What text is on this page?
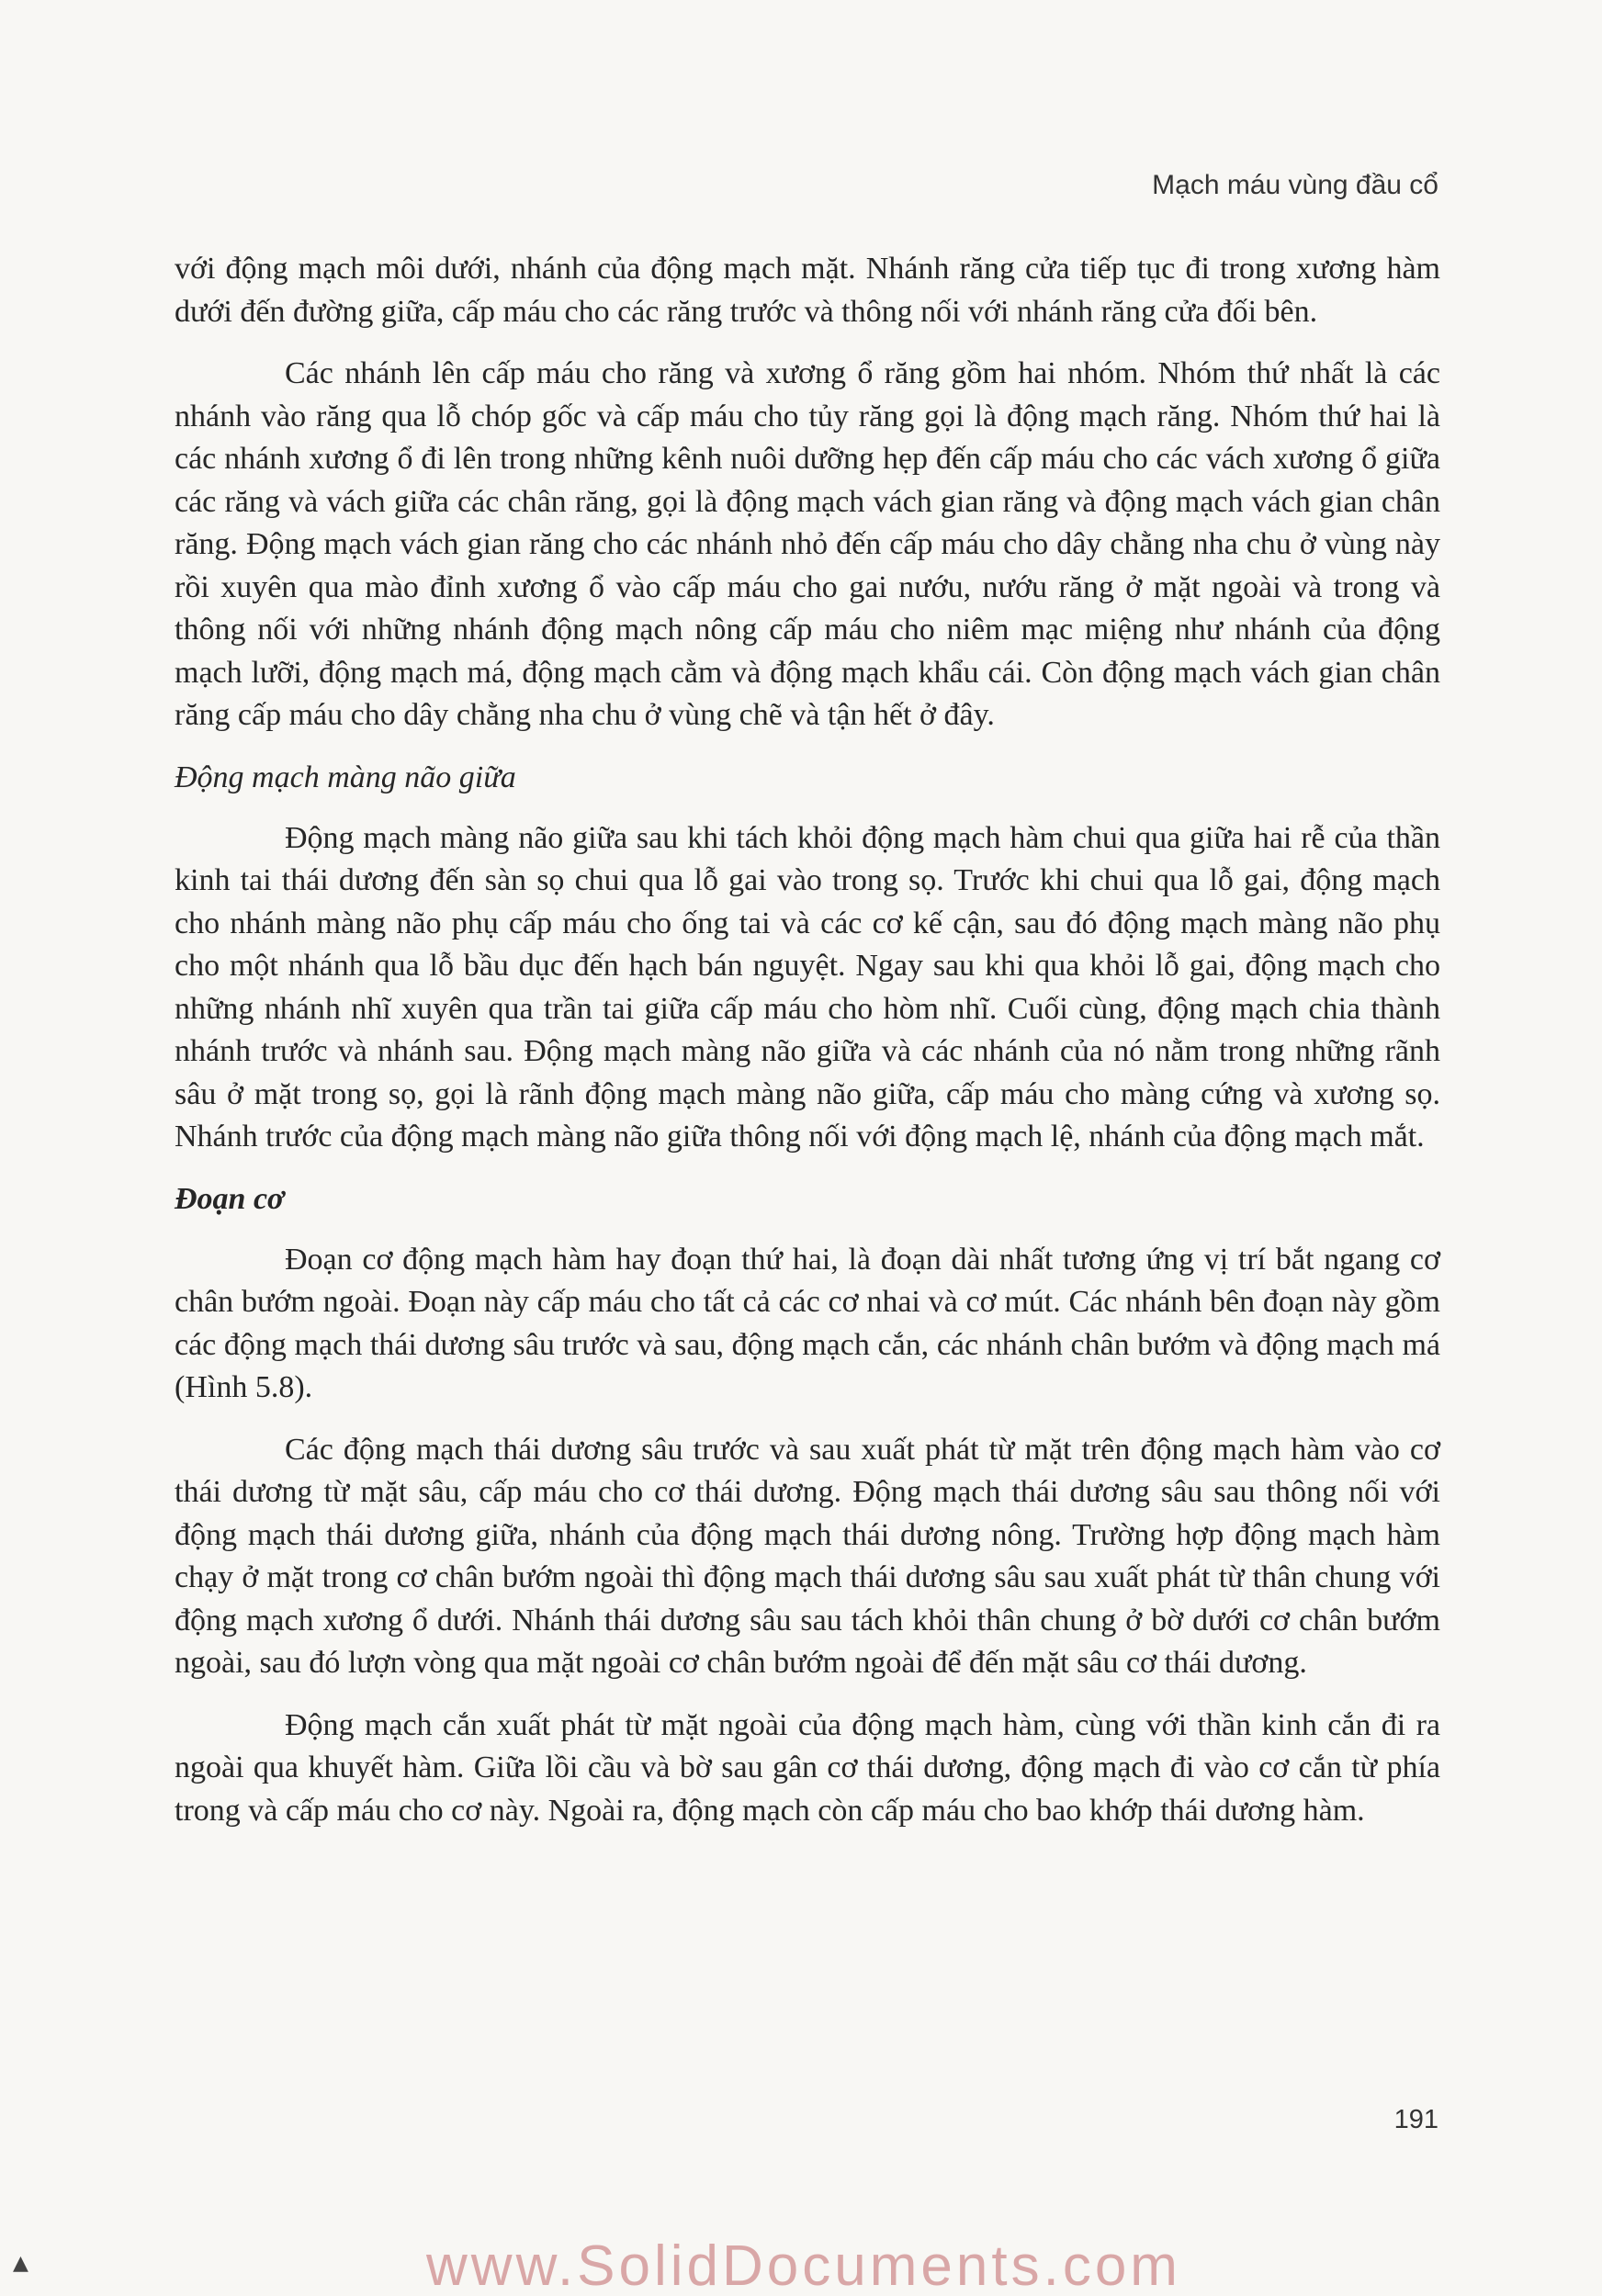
Mạch máu vùng đầu cổ

với động mạch môi dưới, nhánh của động mạch mặt. Nhánh răng cửa tiếp tục đi trong xương hàm dưới đến đường giữa, cấp máu cho các răng trước và thông nối với nhánh răng cửa đối bên.

Các nhánh lên cấp máu cho răng và xương ổ răng gồm hai nhóm. Nhóm thứ nhất là các nhánh vào răng qua lỗ chóp gốc và cấp máu cho tủy răng gọi là động mạch răng. Nhóm thứ hai là các nhánh xương ổ đi lên trong những kênh nuôi dưỡng hẹp đến cấp máu cho các vách xương ổ giữa các răng và vách giữa các chân răng, gọi là động mạch vách gian răng và động mạch vách gian chân răng. Động mạch vách gian răng cho các nhánh nhỏ đến cấp máu cho dây chằng nha chu ở vùng này rồi xuyên qua mào đỉnh xương ổ vào cấp máu cho gai nướu, nướu răng ở mặt ngoài và trong và thông nối với những nhánh động mạch nông cấp máu cho niêm mạc miệng như nhánh của động mạch lưỡi, động mạch má, động mạch cằm và động mạch khẩu cái. Còn động mạch vách gian chân răng cấp máu cho dây chằng nha chu ở vùng chẽ và tận hết ở đây.

Động mạch màng não giữa

Động mạch màng não giữa sau khi tách khỏi động mạch hàm chui qua giữa hai rễ của thần kinh tai thái dương đến sàn sọ chui qua lỗ gai vào trong sọ. Trước khi chui qua lỗ gai, động mạch cho nhánh màng não phụ cấp máu cho ống tai và các cơ kế cận, sau đó động mạch màng não phụ cho một nhánh qua lỗ bầu dục đến hạch bán nguyệt. Ngay sau khi qua khỏi lỗ gai, động mạch cho những nhánh nhĩ xuyên qua trần tai giữa cấp máu cho hòm nhĩ. Cuối cùng, động mạch chia thành nhánh trước và nhánh sau. Động mạch màng não giữa và các nhánh của nó nằm trong những rãnh sâu ở mặt trong sọ, gọi là rãnh động mạch màng não giữa, cấp máu cho màng cứng và xương sọ. Nhánh trước của động mạch màng não giữa thông nối với động mạch lệ, nhánh của động mạch mắt.

Đoạn cơ

Đoạn cơ động mạch hàm hay đoạn thứ hai, là đoạn dài nhất tương ứng vị trí bắt ngang cơ chân bướm ngoài. Đoạn này cấp máu cho tất cả các cơ nhai và cơ mút. Các nhánh bên đoạn này gồm các động mạch thái dương sâu trước và sau, động mạch cắn, các nhánh chân bướm và động mạch má (Hình 5.8).

Các động mạch thái dương sâu trước và sau xuất phát từ mặt trên động mạch hàm vào cơ thái dương từ mặt sâu, cấp máu cho cơ thái dương. Động mạch thái dương sâu sau thông nối với động mạch thái dương giữa, nhánh của động mạch thái dương nông. Trường hợp động mạch hàm chạy ở mặt trong cơ chân bướm ngoài thì động mạch thái dương sâu sau xuất phát từ thân chung với động mạch xương ổ dưới. Nhánh thái dương sâu sau tách khỏi thân chung ở bờ dưới cơ chân bướm ngoài, sau đó lượn vòng qua mặt ngoài cơ chân bướm ngoài để đến mặt sâu cơ thái dương.

Động mạch cắn xuất phát từ mặt ngoài của động mạch hàm, cùng với thần kinh cắn đi ra ngoài qua khuyết hàm. Giữa lồi cầu và bờ sau gân cơ thái dương, động mạch đi vào cơ cắn từ phía trong và cấp máu cho cơ này. Ngoài ra, động mạch còn cấp máu cho bao khớp thái dương hàm.

191
▲	www.SolidDocuments.com
